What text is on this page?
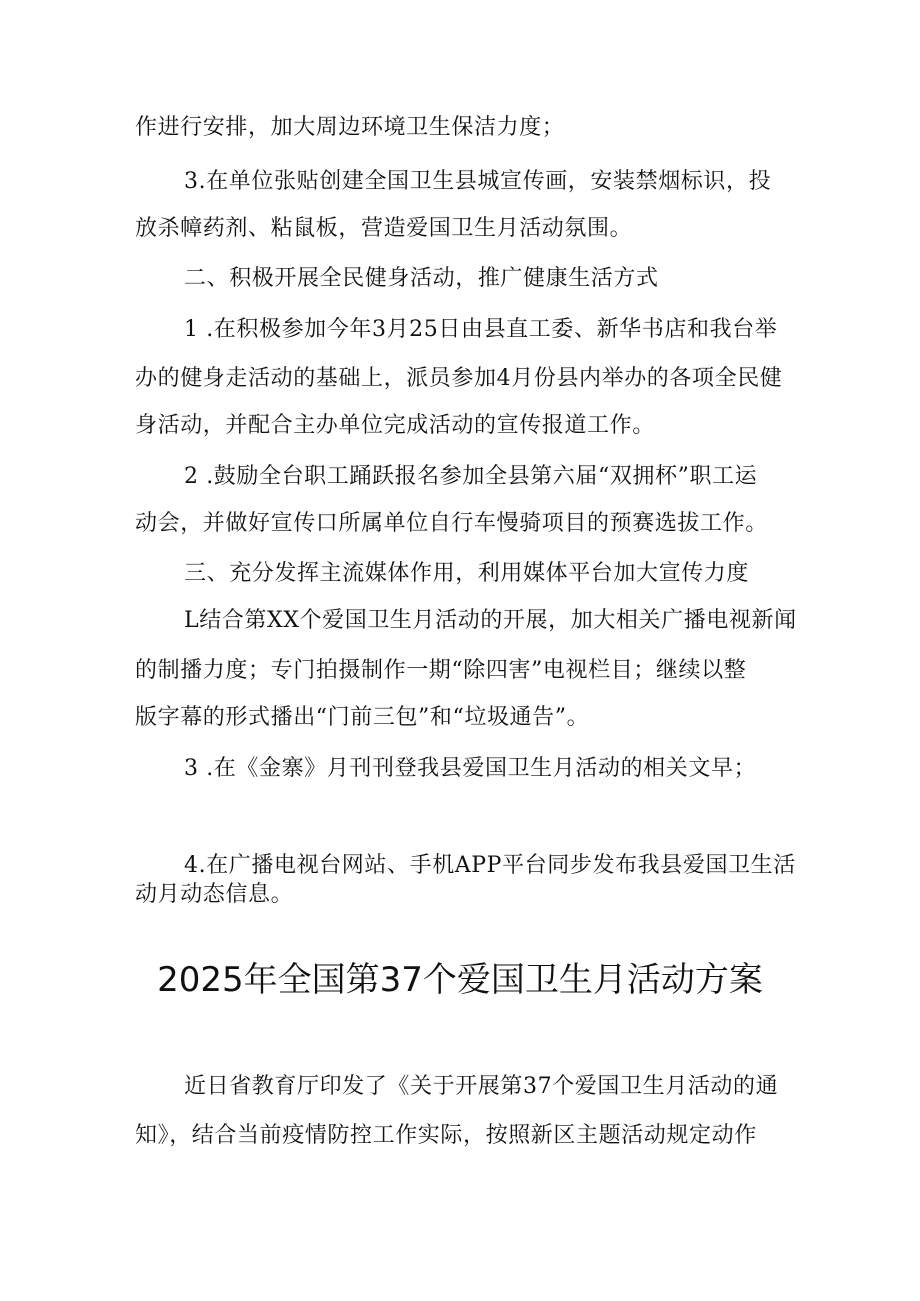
作进行安排，加大周边环境卫生保洁力度；
3.在单位张贴创建全国卫生县城宣传画，安装禁烟标识，投
放杀幛药剂、粘鼠板，营造爱国卫生月活动氛围。
二、积极开展全民健身活动，推广健康生活方式
1 .在积极参加今年3月25日由县直工委、新华书店和我台举
办的健身走活动的基础上，派员参加4月份县内举办的各项全民健
身活动，并配合主办单位完成活动的宣传报道工作。
2 .鼓励全台职工踊跃报名参加全县第六届“双拥杯”职工运
动会，并做好宣传口所属单位自行车慢骑项目的预赛选拔工作。
三、充分发挥主流媒体作用，利用媒体平台加大宣传力度
L结合第XX个爱国卫生月活动的开展，加大相关广播电视新闻
的制播力度；专门拍摄制作一期“除四害”电视栏目；继续以整
版字幕的形式播出“门前三包”和“垃圾通告”。
3 .在《金寨》月刊刊登我县爱国卫生月活动的相关文早；
4.在广播电视台网站、手机APP平台同步发布我县爱国卫生活
动月动态信息。
2025年全国第37个爱国卫生月活动方案
近日省教育厅印发了《关于开展第37个爱国卫生月活动的通
知》，结合当前疫情防控工作实际，按照新区主题活动规定动作
